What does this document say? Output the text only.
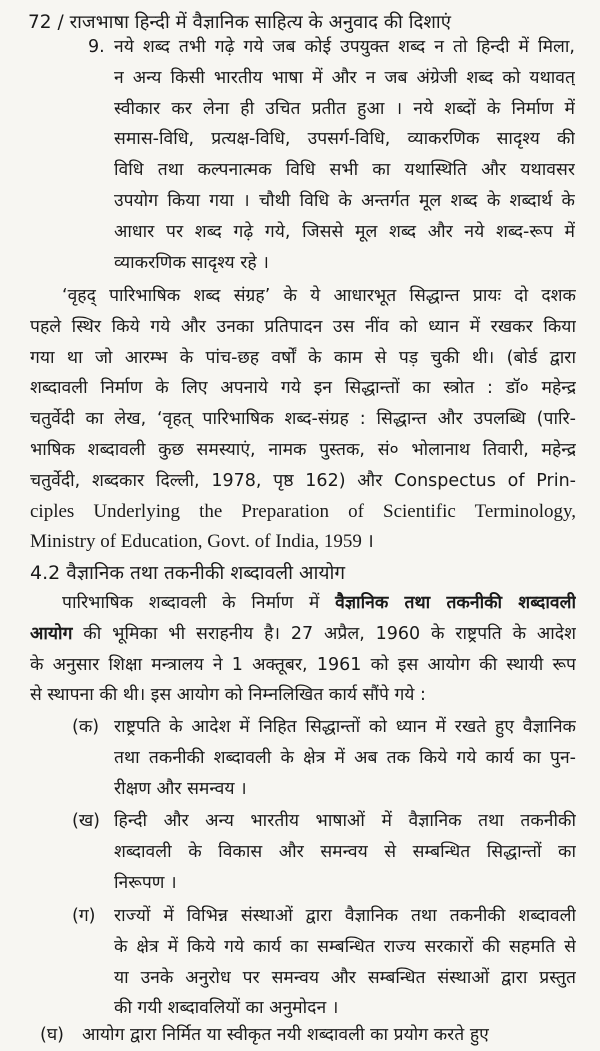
72 / राजभाषा हिन्दी में वैज्ञानिक साहित्य के अनुवाद की दिशाएं
9. नये शब्द तभी गढ़े गये जब कोई उपयुक्त शब्द न तो हिन्दी में मिला,
न अन्य किसी भारतीय भाषा में और न जब अंग्रेजी शब्द को यथावत्
स्वीकार कर लेना ही उचित प्रतीत हुआ । नये शब्दों के निर्माण में
समास-विधि, प्रत्यक्ष-विधि, उपसर्ग-विधि, व्याकरणिक सादृश्य की
विधि तथा कल्पनात्मक विधि सभी का यथास्थिति और यथावसर
उपयोग किया गया । चौथी विधि के अन्तर्गत मूल शब्द के शब्दार्थ के
आधार पर शब्द गढ़े गये, जिससे मूल शब्द और नये शब्द-रूप में
व्याकरणिक सादृश्य रहे ।
‘वृहद् पारिभाषिक शब्द संग्रह’ के ये आधारभूत सिद्धान्त प्रायः दो दशक
पहले स्थिर किये गये और उनका प्रतिपादन उस नींव को ध्यान में रखकर किया
गया था जो आरम्भ के पांच-छह वर्षों के काम से पड़ चुकी थी। (बोर्ड द्वारा
शब्दावली निर्माण के लिए अपनाये गये इन सिद्धान्तों का स्त्रोत : डॉ० महेन्द्र
चतुर्वेदी का लेख, ‘वृहत् पारिभाषिक शब्द-संग्रह : सिद्धान्त और उपलब्धि (पारि-
भाषिक शब्दावली कुछ समस्याएं, नामक पुस्तक, सं० भोलानाथ तिवारी, महेन्द्र
चतुर्वेदी, शब्दकार दिल्ली, 1978, पृष्ठ 162) और Conspectus of Prin-
ciples Underlying the Preparation of Scientific Terminology,
Ministry of Education, Govt. of India, 1959 ।
4.2 वैज्ञानिक तथा तकनीकी शब्दावली आयोग
पारिभाषिक शब्दावली के निर्माण में वैज्ञानिक तथा तकनीकी शब्दावली
आयोग की भूमिका भी सराहनीय है। 27 अप्रैल, 1960 के राष्ट्रपति के आदेश
के अनुसार शिक्षा मन्त्रालय ने 1 अक्तूबर, 1961 को इस आयोग की स्थायी रूप
से स्थापना की थी। इस आयोग को निम्नलिखित कार्य सौंपे गये :
(क) राष्ट्रपति के आदेश में निहित सिद्धान्तों को ध्यान में रखते हुए वैज्ञानिक
तथा तकनीकी शब्दावली के क्षेत्र में अब तक किये गये कार्य का पुन-
रीक्षण और समन्वय ।
(ख) हिन्दी और अन्य भारतीय भाषाओं में वैज्ञानिक तथा तकनीकी
शब्दावली के विकास और समन्वय से सम्बन्धित सिद्धान्तों का
निरूपण ।
(ग) राज्यों में विभिन्न संस्थाओं द्वारा वैज्ञानिक तथा तकनीकी शब्दावली
के क्षेत्र में किये गये कार्य का सम्बन्धित राज्य सरकारों की सहमति से
या उनके अनुरोध पर समन्वय और सम्बन्धित संस्थाओं द्वारा प्रस्तुत
की गयी शब्दावलियों का अनुमोदन ।
(घ) आयोग द्वारा निर्मित या स्वीकृत नयी शब्दावली का प्रयोग करते हुए
